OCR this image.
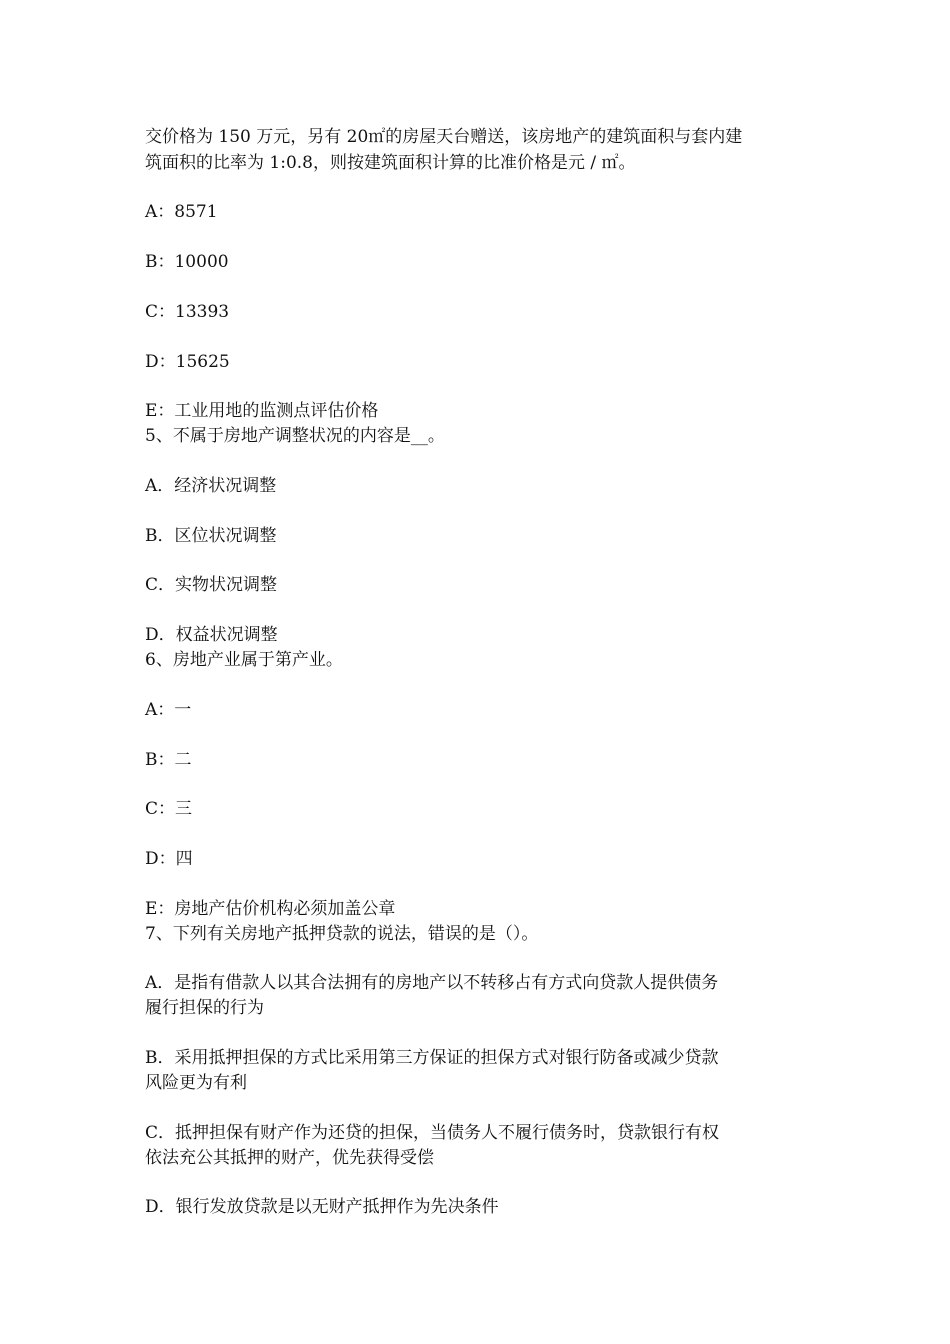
交价格为 150 万元，另有 20㎡的房屋天台赠送，该房地产的建筑面积与套内建
筑面积的比率为 1:0.8，则按建筑面积计算的比准价格是元 / ㎡。
A：8571
B：10000
C：13393
D：15625
E：工业用地的监测点评估价格
5、不属于房地产调整状况的内容是__。
A．经济状况调整
B．区位状况调整
C．实物状况调整
D．权益状况调整
6、房地产业属于第产业。
A：一
B：二
C：三
D：四
E：房地产估价机构必须加盖公章
7、下列有关房地产抵押贷款的说法，错误的是（）。
A．是指有借款人以其合法拥有的房地产以不转移占有方式向贷款人提供债务
履行担保的行为
B．采用抵押担保的方式比采用第三方保证的担保方式对银行防备或减少贷款
风险更为有利
C．抵押担保有财产作为还贷的担保，当债务人不履行债务时，贷款银行有权
依法充公其抵押的财产，优先获得受偿
D．银行发放贷款是以无财产抵押作为先决条件
